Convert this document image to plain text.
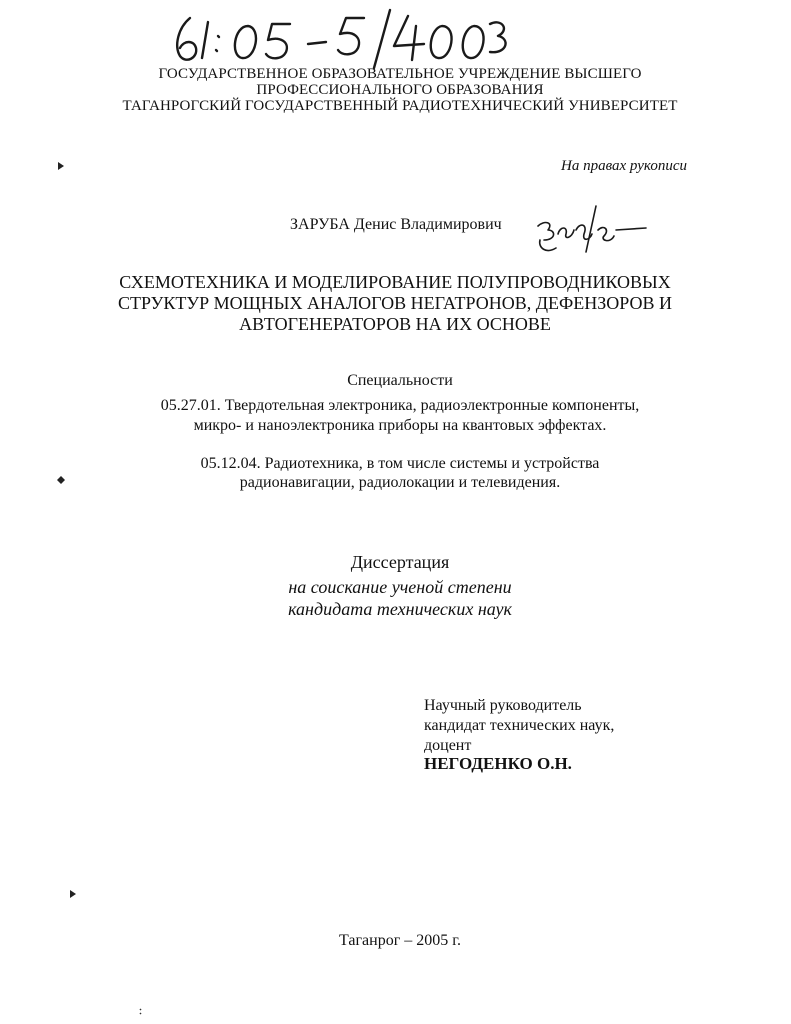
ГОСУДАРСТВЕННОЕ ОБРАЗОВАТЕЛЬНОЕ УЧРЕЖДЕНИЕ ВЫСШЕГО
ПРОФЕССИОНАЛЬНОГО ОБРАЗОВАНИЯ
ТАГАНРОГСКИЙ ГОСУДАРСТВЕННЫЙ РАДИОТЕХНИЧЕСКИЙ УНИВЕРСИТЕТ
На правах рукописи
ЗАРУБА Денис Владимирович
СХЕМОТЕХНИКА И МОДЕЛИРОВАНИЕ ПОЛУПРОВОДНИКОВЫХ
СТРУКТУР МОЩНЫХ АНАЛОГОВ НЕГАТРОНОВ, ДЕФЕНЗОРОВ И
АВТОГЕНЕРАТОРОВ НА ИХ ОСНОВЕ
Специальности
05.27.01. Твердотельная электроника, радиоэлектронные компоненты,
микро- и наноэлектроника приборы на квантовых эффектах.
05.12.04. Радиотехника, в том числе системы и устройства
радионавигации, радиолокации и телевидения.
Диссертация
на соискание ученой степени
кандидата технических наук
Научный руководитель
кандидат технических наук,
доцент
НЕГОДЕНКО О.Н.
Таганрог – 2005 г.
